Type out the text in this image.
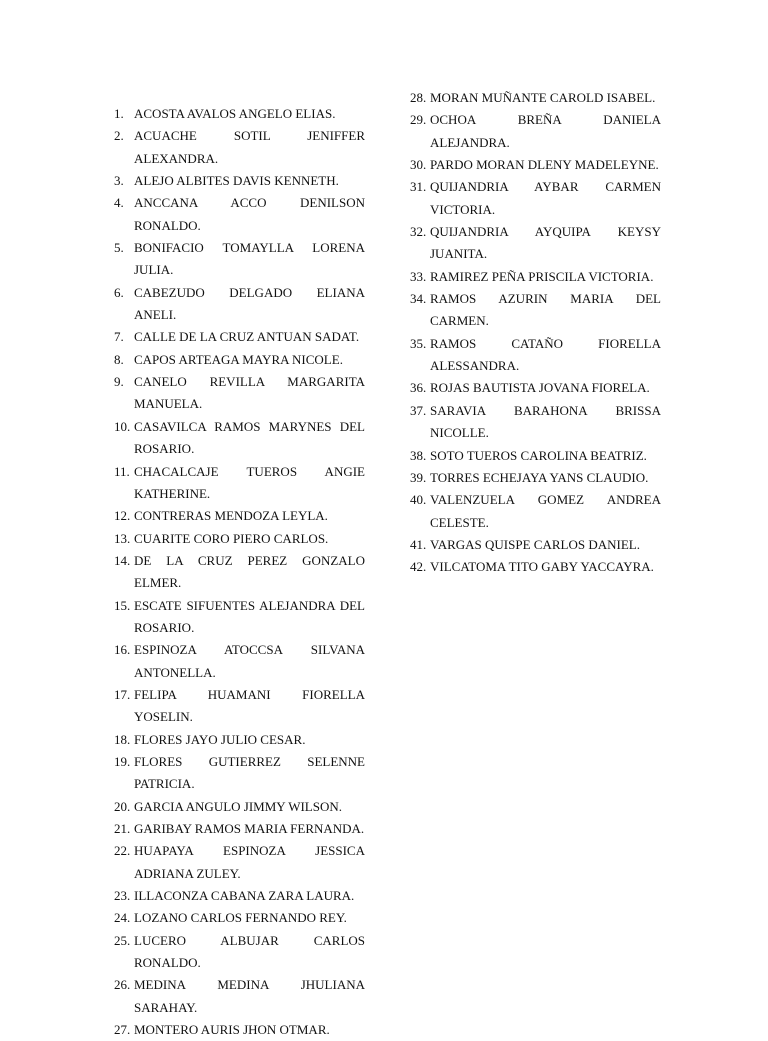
1. ACOSTA AVALOS ANGELO ELIAS.
2. ACUACHE SOTIL JENIFFER ALEXANDRA.
3. ALEJO ALBITES DAVIS KENNETH.
4. ANCCANA ACCO DENILSON RONALDO.
5. BONIFACIO TOMAYLLA LORENA JULIA.
6. CABEZUDO DELGADO ELIANA ANELI.
7. CALLE DE LA CRUZ ANTUAN SADAT.
8. CAPOS ARTEAGA MAYRA NICOLE.
9. CANELO REVILLA MARGARITA MANUELA.
10. CASAVILCA RAMOS MARYNES DEL ROSARIO.
11. CHACALCAJE TUEROS ANGIE KATHERINE.
12. CONTRERAS MENDOZA LEYLA.
13. CUARITE CORO PIERO CARLOS.
14. DE LA CRUZ PEREZ GONZALO ELMER.
15. ESCATE SIFUENTES ALEJANDRA DEL ROSARIO.
16. ESPINOZA ATOCCSA SILVANA ANTONELLA.
17. FELIPA HUAMANI FIORELLA YOSELIN.
18. FLORES JAYO JULIO CESAR.
19. FLORES GUTIERREZ SELENNE PATRICIA.
20. GARCIA ANGULO JIMMY WILSON.
21. GARIBAY RAMOS MARIA FERNANDA.
22. HUAPAYA ESPINOZA JESSICA ADRIANA ZULEY.
23. ILLACONZA CABANA ZARA LAURA.
24. LOZANO CARLOS FERNANDO REY.
25. LUCERO ALBUJAR CARLOS RONALDO.
26. MEDINA MEDINA JHULIANA SARAHAY.
27. MONTERO AURIS JHON OTMAR.
28. MORAN MUÑANTE CAROLD ISABEL.
29. OCHOA BREÑA DANIELA ALEJANDRA.
30. PARDO MORAN DLENY MADELEYNE.
31. QUIJANDRIA AYBAR CARMEN VICTORIA.
32. QUIJANDRIA AYQUIPA KEYSY JUANITA.
33. RAMIREZ PEÑA PRISCILA VICTORIA.
34. RAMOS AZURIN MARIA DEL CARMEN.
35. RAMOS CATAÑO FIORELLA ALESSANDRA.
36. ROJAS BAUTISTA JOVANA FIORELA.
37. SARAVIA BARAHONA BRISSA NICOLLE.
38. SOTO TUEROS CAROLINA BEATRIZ.
39. TORRES ECHEJAYA YANS CLAUDIO.
40. VALENZUELA GOMEZ ANDREA CELESTE.
41. VARGAS QUISPE CARLOS DANIEL.
42. VILCATOMA TITO GABY YACCAYRA.
